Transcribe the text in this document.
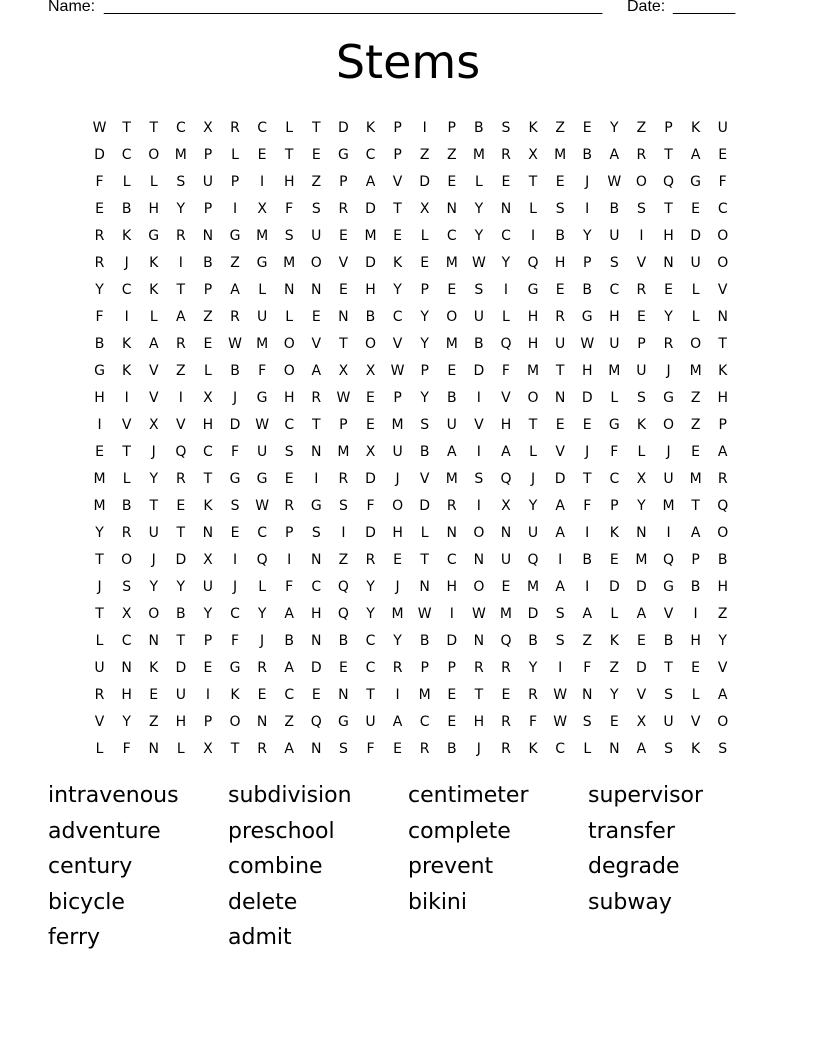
Name: ________________________________________________________ Date: _______
Stems
W	T	T	C	X	R	C	L	T	D	K	P	I	P	B	S	K	Z	E	Y	Z	P	K	U
D	C	O	M	P	L	E	T	E	G	C	P	Z	Z	M	R	X	M	B	A	R	T	A	E
F	L	L	S	U	P	I	H	Z	P	A	V	D	E	L	E	T	E	J	W	O	Q	G	F
E	B	H	Y	P	I	X	F	S	R	D	T	X	N	Y	N	L	S	I	B	S	T	E	C
R	K	G	R	N	G	M	S	U	E	M	E	L	C	Y	C	I	B	Y	U	I	H	D	O
R	J	K	I	B	Z	G	M	O	V	D	K	E	M	W	Y	Q	H	P	S	V	N	U	O
Y	C	K	T	P	A	L	N	N	E	H	Y	P	E	S	I	G	E	B	C	R	E	L	V
F	I	L	A	Z	R	U	L	E	N	B	C	Y	O	U	L	H	R	G	H	E	Y	L	N
B	K	A	R	E	W	M	O	V	T	O	V	Y	M	B	Q	H	U	W	U	P	R	O	T
G	K	V	Z	L	B	F	O	A	X	X	W	P	E	D	F	M	T	H	M	U	J	M	K
H	I	V	I	X	J	G	H	R	W	E	P	Y	B	I	V	O	N	D	L	S	G	Z	H
I	V	X	V	H	D	W	C	T	P	E	M	S	U	V	H	T	E	E	G	K	O	Z	P
E	T	J	Q	C	F	U	S	N	M	X	U	B	A	I	A	L	V	J	F	L	J	E	A
M	L	Y	R	T	G	G	E	I	R	D	J	V	M	S	Q	J	D	T	C	X	U	M	R
M	B	T	E	K	S	W	R	G	S	F	O	D	R	I	X	Y	A	F	P	Y	M	T	Q
Y	R	U	T	N	E	C	P	S	I	D	H	L	N	O	N	U	A	I	K	N	I	A	O
T	O	J	D	X	I	Q	I	N	Z	R	E	T	C	N	U	Q	I	B	E	M	Q	P	B
J	S	Y	Y	U	J	L	F	C	Q	Y	J	N	H	O	E	M	A	I	D	D	G	B	H
T	X	O	B	Y	C	Y	A	H	Q	Y	M	W	I	W	M	D	S	A	L	A	V	I	Z
L	C	N	T	P	F	J	B	N	B	C	Y	B	D	N	Q	B	S	Z	K	E	B	H	Y
U	N	K	D	E	G	R	A	D	E	C	R	P	P	R	R	Y	I	F	Z	D	T	E	V
R	H	E	U	I	K	E	C	E	N	T	I	M	E	T	E	R	W	N	Y	V	S	L	A
V	Y	Z	H	P	O	N	Z	Q	G	U	A	C	E	H	R	F	W	S	E	X	U	V	O
L	F	N	L	X	T	R	A	N	S	F	E	R	B	J	R	K	C	L	N	A	S	K	S
intravenous	subdivision	centimeter	supervisor
adventure	preschool	complete	transfer
century	combine	prevent	degrade
bicycle	delete	bikini	subway
ferry	admit
